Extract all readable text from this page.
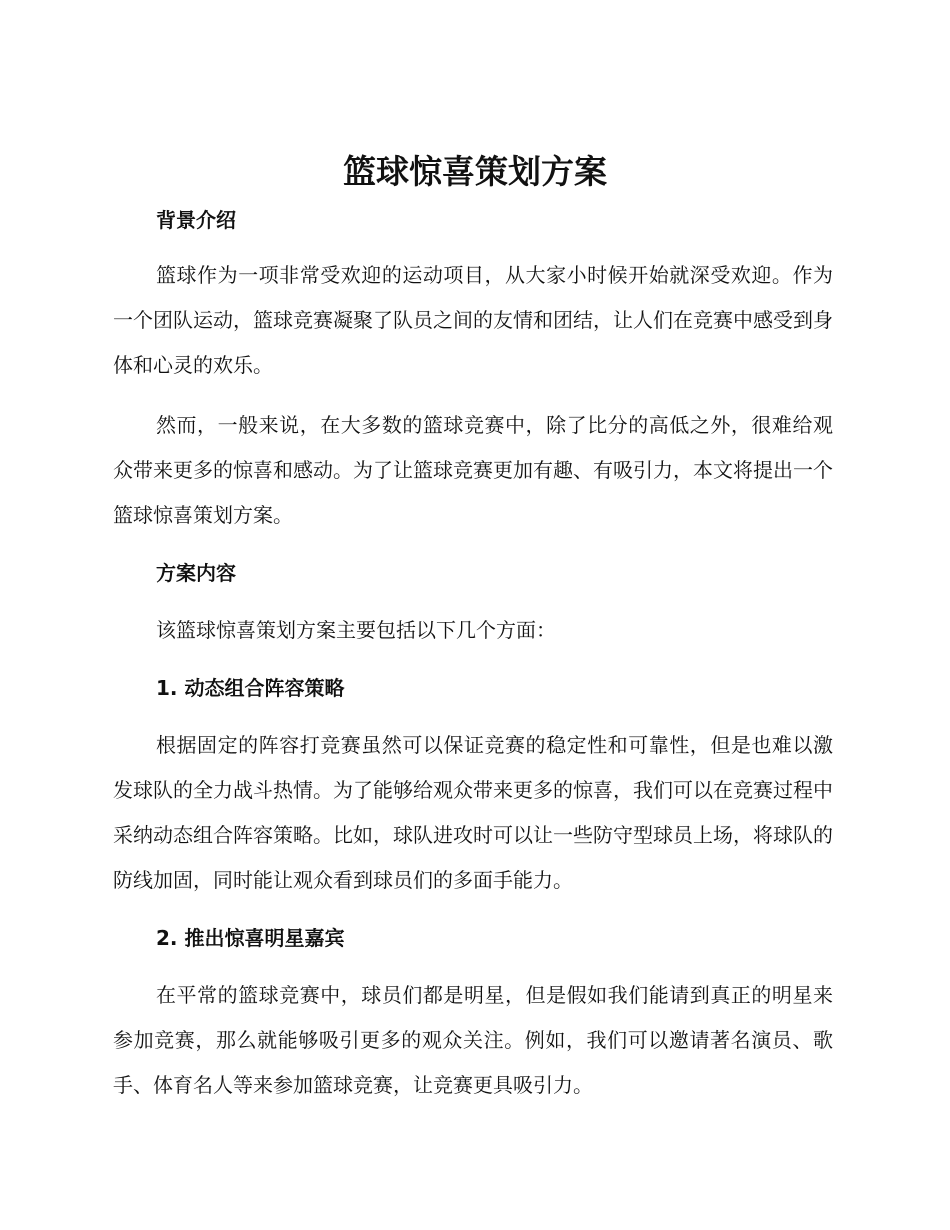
篮球惊喜策划方案
背景介绍
篮球作为一项非常受欢迎的运动项目，从大家小时候开始就深受欢迎。作为一个团队运动，篮球竞赛凝聚了队员之间的友情和团结，让人们在竞赛中感受到身体和心灵的欢乐。
然而，一般来说，在大多数的篮球竞赛中，除了比分的高低之外，很难给观众带来更多的惊喜和感动。为了让篮球竞赛更加有趣、有吸引力，本文将提出一个篮球惊喜策划方案。
方案内容
该篮球惊喜策划方案主要包括以下几个方面：
1. 动态组合阵容策略
根据固定的阵容打竞赛虽然可以保证竞赛的稳定性和可靠性，但是也难以激发球队的全力战斗热情。为了能够给观众带来更多的惊喜，我们可以在竞赛过程中采纳动态组合阵容策略。比如，球队进攻时可以让一些防守型球员上场，将球队的防线加固，同时能让观众看到球员们的多面手能力。
2. 推出惊喜明星嘉宾
在平常的篮球竞赛中，球员们都是明星，但是假如我们能请到真正的明星来参加竞赛，那么就能够吸引更多的观众关注。例如，我们可以邀请著名演员、歌手、体育名人等来参加篮球竞赛，让竞赛更具吸引力。
